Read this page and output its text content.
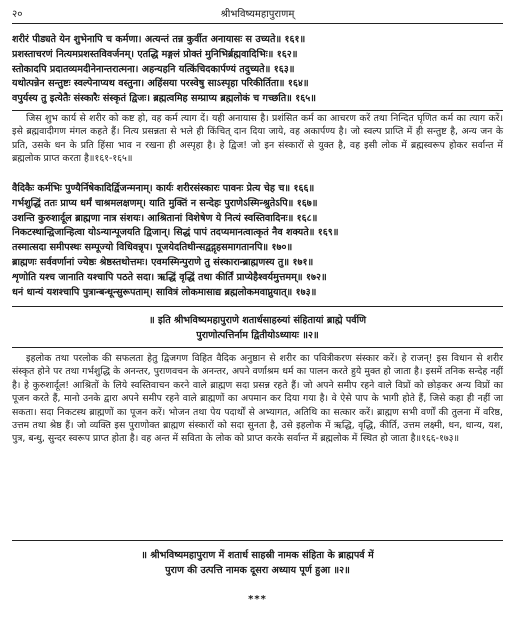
२०	श्रीभविष्यमहापुराणम्
शरीरं पीड्यते येन शुभेनापि च कर्मणा। अत्यन्तं तन्न कुर्वीत अनायासः स उच्यते॥ १६१॥
प्रशस्ताचरणं नित्यमप्रशस्तविवर्जनम्। एतद्धि मङ्गलं प्रोक्तं मुनिभिर्ब्रह्मवादिभिः॥ १६२॥
स्तोकादपि प्रदातव्यमदीनेनान्तरात्मना। अहन्यहनि यत्किंचिदकार्पण्यं तदुच्यते॥ १६३॥
यथोत्पन्नेन सन्तुष्टः स्वल्पेनाप्यथ वस्तुना। अहिंसया परस्वेषु साऽस्पृहा परिकीर्तिता॥ १६४॥
वपुर्यस्य तु इत्येतैः संस्कारैः संस्कृतं द्विजः। ब्रह्मत्वमिह सम्प्राप्य ब्रह्मलोकं च गच्छति॥ १६५॥
जिस शुभ कार्य से शरीर को कष्ट हो, वह कर्म त्याग दें। यही अनायास है। प्रशंसित कर्म का आचरण करें तथा निन्दित घृणित कर्म का त्याग करें। इसे ब्रह्मवादीगण मंगल कहते हैं। नित्य प्रसन्नता से भले ही किंचित् दान दिया जाये, वह अकार्पण्य है। जो स्वल्प प्राप्ति में ही सन्तुष्ट है, अन्य जन के प्रति, उसके धन के प्रति हिंसा भाव न रखना ही अस्पृहा है। हे द्विज! जो इन संस्कारों से युक्त है, वह इसी लोक में ब्रह्मस्वरूप होकर सर्वान्त में ब्रह्मलोक प्राप्त करता है॥१६१-१६५॥
वैदिकैः कर्मभिः पुण्यैर्निषेकादिर्द्विजन्मनाम्। कार्यः शरीरसंस्कारः पावनः प्रेत्य चेह च॥ १६६॥
गर्भशुद्धिं ततः प्राप्य धर्मं चाश्रमलक्षणम्। याति मुक्तिं न सन्देहः पुराणेऽस्मिन्श्रुतेऽपि॥ १६७॥
उशन्ति कुरुशार्दूल ब्राह्मणा नात्र संशयः। आश्रितानां विशेषेण ये नित्यं स्वस्तिवादिनः॥ १६८॥
निकटस्थान्द्विजान्हित्वा योऽन्यान्पूजयति द्विजान्। सिद्धं पापं तदप्यमानत्वात्कृतं नैव शक्यते॥ १६९॥
तस्मात्सदा समीपस्थः सम्पूज्यो विधिवन्नृप। पूजयेदतिथीन्सद्वद्गृहसमागतानपि॥ १७०॥
ब्राह्मणः सर्ववर्णानां ज्येष्ठः श्रेष्ठस्तथोत्तमः। एवमस्मिन्पुराणे तु संस्कारान्ब्राह्मणस्य तु॥ १७१॥
शृणोति यश्च जानाति यश्चापि पठते सदा। ऋद्धिं वृद्धिं तथा कीर्तिं प्राप्येहैश्वर्यमुत्तमम्॥ १७२॥
धनं धान्यं यशश्चापि पुत्रान्बन्धून्सुरूपताम्। सावित्रं लोकमासाद्य ब्रह्मलोकमवाप्नुयात्॥ १७३॥
॥ इति श्रीभविष्यमहापुराणे शतार्धसाहस्र्यां संहितायां ब्राह्मे पर्वणि
पुराणोत्पत्तिर्नाम द्वितीयोऽध्यायः ॥२॥
इहलोक तथा परलोक की सफलता हेतु द्विजगण विहित वैदिक अनुष्ठान से शरीर का पवित्रीकरण संस्कार करें। हे राजन्! इस विधान से शरीर संस्कृत होने पर तथा गर्भशुद्धि के अनन्तर, पुराणवचन के अनन्तर, अपने वर्णाश्रम धर्म का पालन करते हुये मुक्त हो जाता है। इसमें तनिक सन्देह नहीं है। हे कुरुशार्दूल! आश्रितों के लिये स्वस्तिवाचन करने वाले ब्राह्मण सदा प्रसन्न रहते हैं। जो अपने समीप रहने वाले विप्रों को छोड़कर अन्य विप्रों का पूजन करते हैं, मानो उनके द्वारा अपने समीप रहने वाले ब्राह्मणों का अपमान कर दिया गया है। वे ऐसे पाप के भागी होते हैं, जिसे कहा ही नहीं जा सकता। सदा निकटस्थ ब्राह्मणों का पूजन करें। भोजन तथा पेय पदार्थों से अभ्यागत, अतिथि का सत्कार करें। ब्राह्मण सभी वर्णों की तुलना में वरिष्ठ, उत्तम तथा श्रेष्ठ हैं। जो व्यक्ति इस पुराणोक्त ब्राह्मण संस्कारों को सदा सुनता है, उसे इहलोक में ऋद्धि, वृद्धि, कीर्ति, उत्तम लक्ष्मी, धन, धान्य, यश, पुत्र, बन्धु, सुन्दर स्वरूप प्राप्त होता है। वह अन्त में सविता के लोक को प्राप्त करके सर्वान्त में ब्रह्मलोक में स्थित हो जाता है॥१६६-१७३॥
॥ श्रीभविष्यमहापुराण में शतार्ध साहस्री नामक संहिता के ब्राह्मपर्व में
पुराण की उत्पत्ति नामक दूसरा अध्याय पूर्ण हुआ ॥२॥
***
